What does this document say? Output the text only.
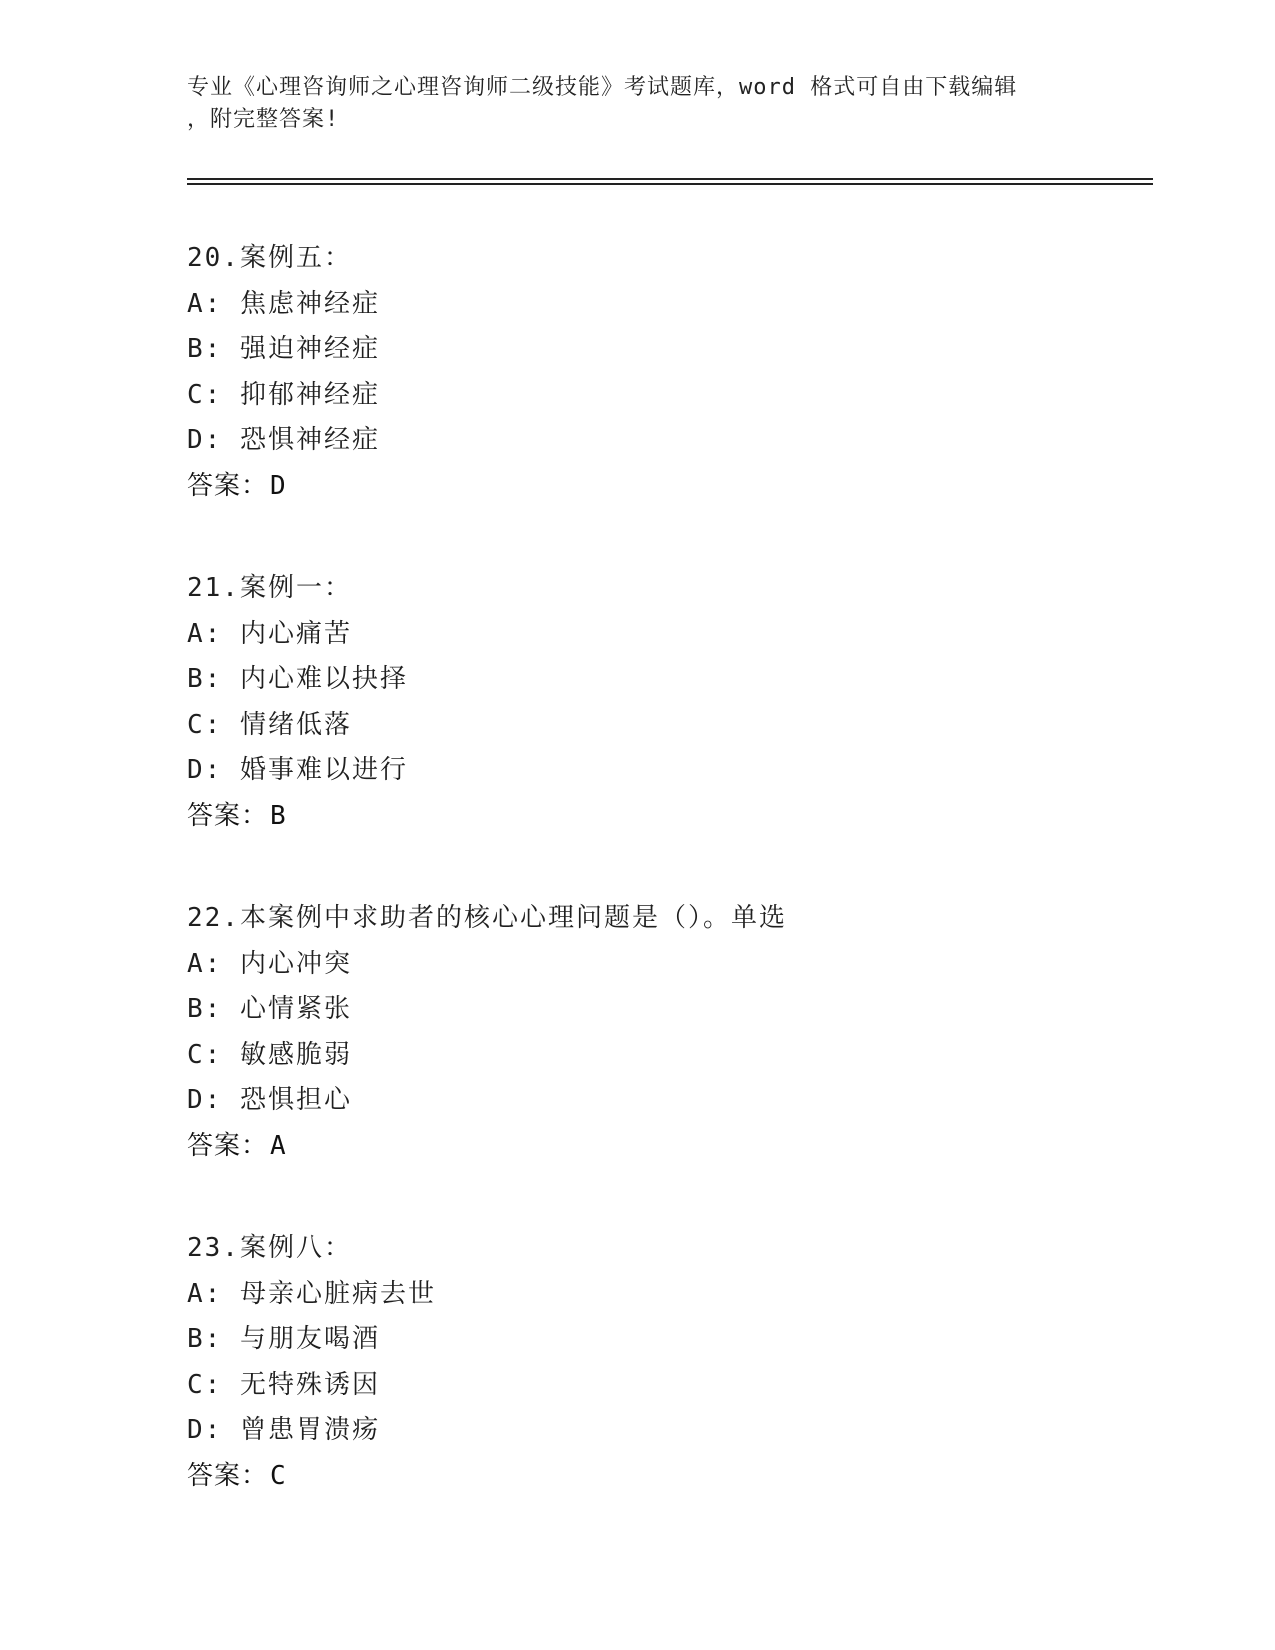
专业《心理咨询师之心理咨询师二级技能》考试题库，word 格式可自由下载编辑
，附完整答案!
20.案例五：
A: 焦虑神经症
B: 强迫神经症
C: 抑郁神经症
D: 恐惧神经症
答案：D
21.案例一：
A: 内心痛苦
B: 内心难以抉择
C: 情绪低落
D: 婚事难以进行
答案：B
22.本案例中求助者的核心心理问题是（）。单选
A: 内心冲突
B: 心情紧张
C: 敏感脆弱
D: 恐惧担心
答案：A
23.案例八：
A: 母亲心脏病去世
B: 与朋友喝酒
C: 无特殊诱因
D: 曾患胃溃疡
答案：C
